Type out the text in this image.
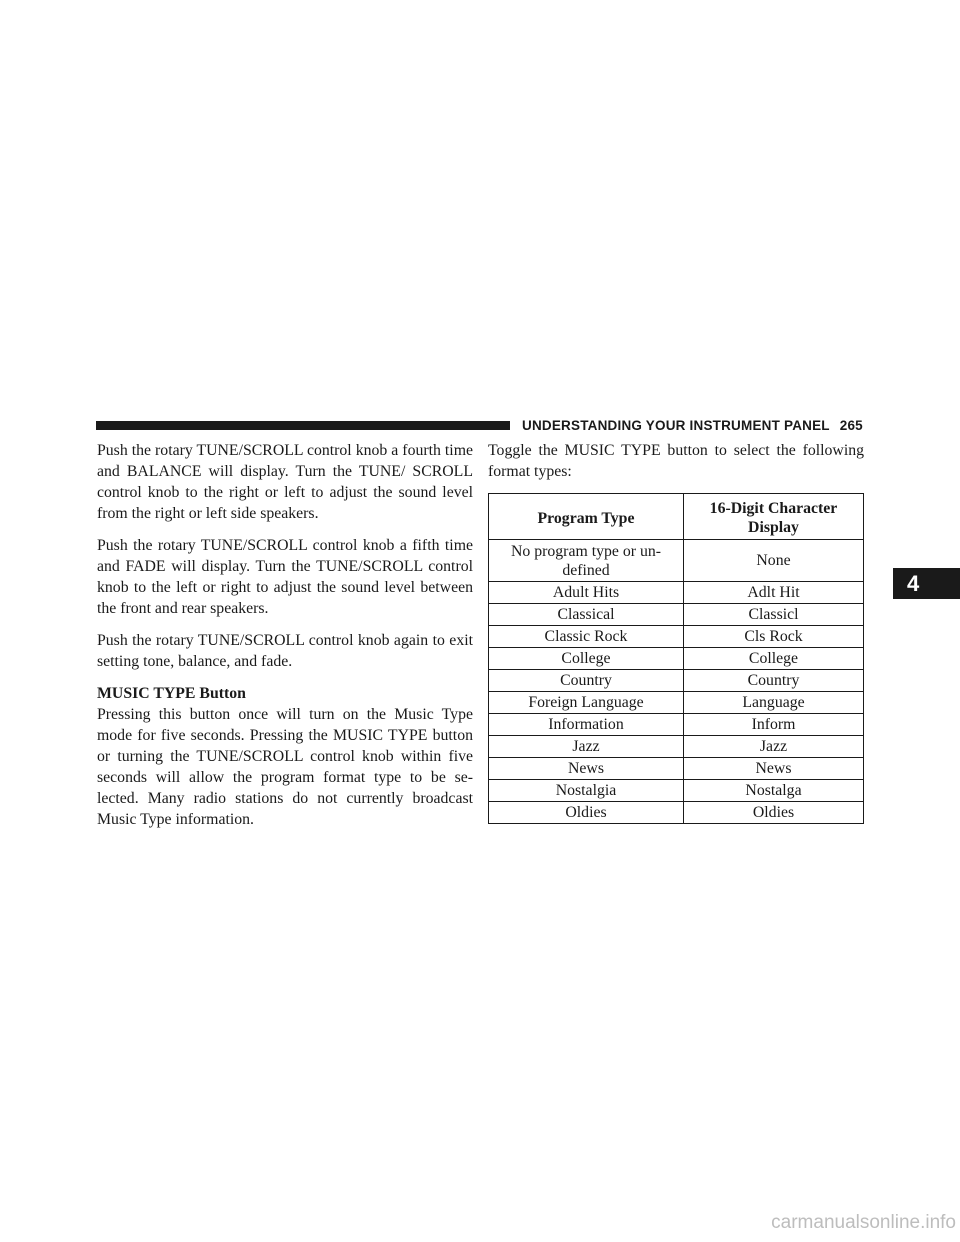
UNDERSTANDING YOUR INSTRUMENT PANEL 265

Push the rotary TUNE/SCROLL control knob a fourth time and BALANCE will display. Turn the TUNE/ SCROLL control knob to the right or left to adjust the sound level from the right or left side speakers.

Push the rotary TUNE/SCROLL control knob a fifth time and FADE will display. Turn the TUNE/SCROLL control knob to the left or right to adjust the sound level between the front and rear speakers.

Push the rotary TUNE/SCROLL control knob again to exit setting tone, balance, and fade.

MUSIC TYPE Button

Pressing this button once will turn on the Music Type mode for five seconds. Pressing the MUSIC TYPE button or turning the TUNE/SCROLL control knob within five seconds will allow the program format type to be se- lected. Many radio stations do not currently broadcast Music Type information.

Toggle the MUSIC TYPE button to select the following format types:

Program Type	16-Digit Character Display
No program type or un- defined	None
Adult Hits	Adlt Hit
Classical	Classicl
Classic Rock	Cls Rock
College	College
Country	Country
Foreign Language	Language
Information	Inform
Jazz	Jazz
News	News
Nostalgia	Nostalga
Oldies	Oldies
4
carmanualsonline.info
